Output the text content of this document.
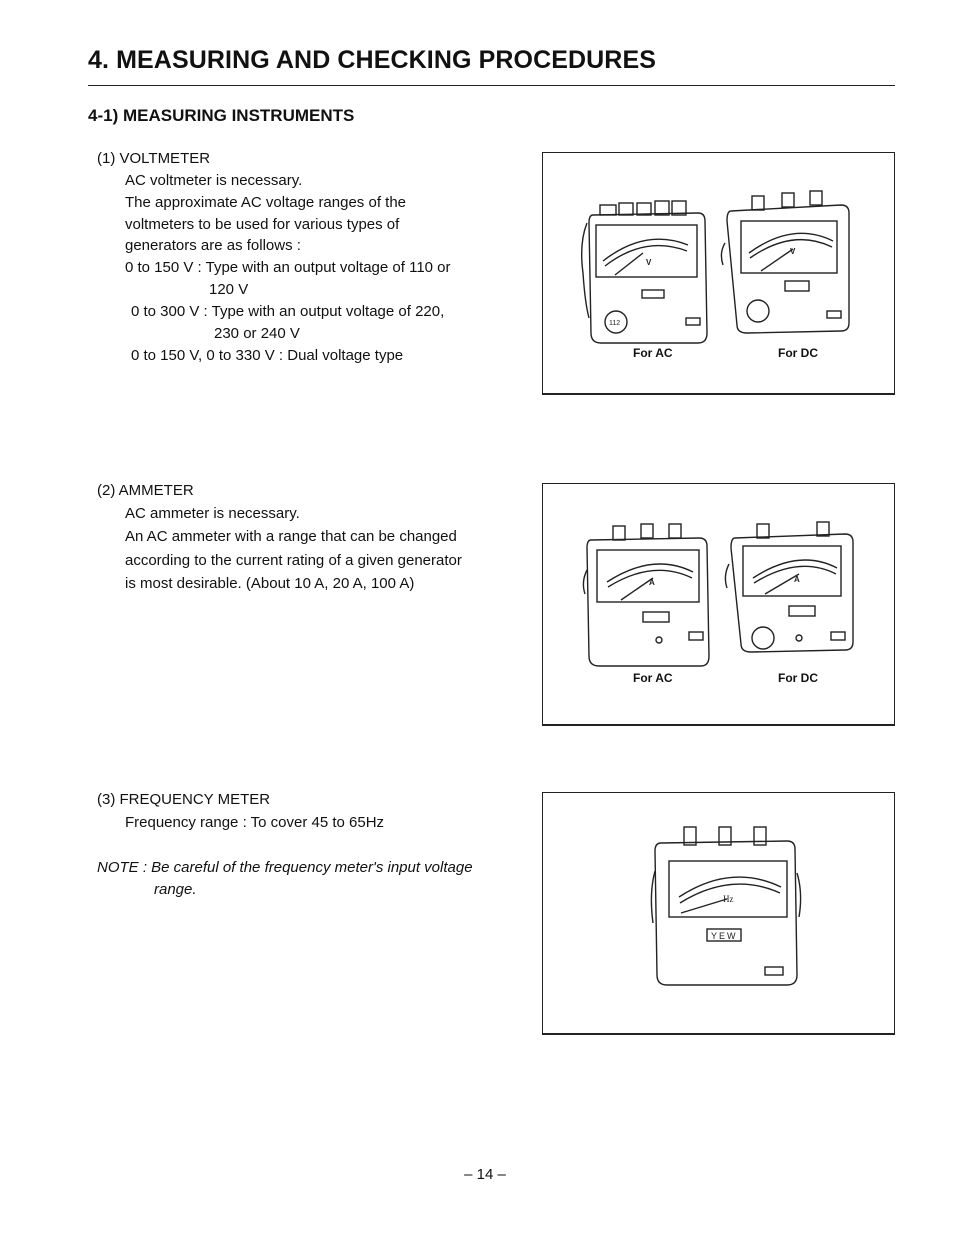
4. MEASURING AND CHECKING PROCEDURES
4-1) MEASURING INSTRUMENTS
(1) VOLTMETER
AC voltmeter is necessary.
The approximate AC voltage ranges of the
voltmeters to be used for various types of
generators are as follows :
0 to 150 V : Type with an output voltage of 110 or
120 V
0 to 300 V : Type with an output voltage of 220,
230 or 240 V
0 to 150 V, 0 to 330 V : Dual voltage type
V
V
112
For AC	For DC
(2) AMMETER
AC ammeter is necessary.
An AC ammeter with a range that can be changed
according to the current rating of a given generator
is most desirable. (About 10 A, 20 A, 100 A)	A	A
For AC	For DC
(3) FREQUENCY METER
Frequency range : To cover 45 to 65Hz
NOTE : Be careful of the frequency meter's input voltage
range.
Hz
YEW
– 14 –
